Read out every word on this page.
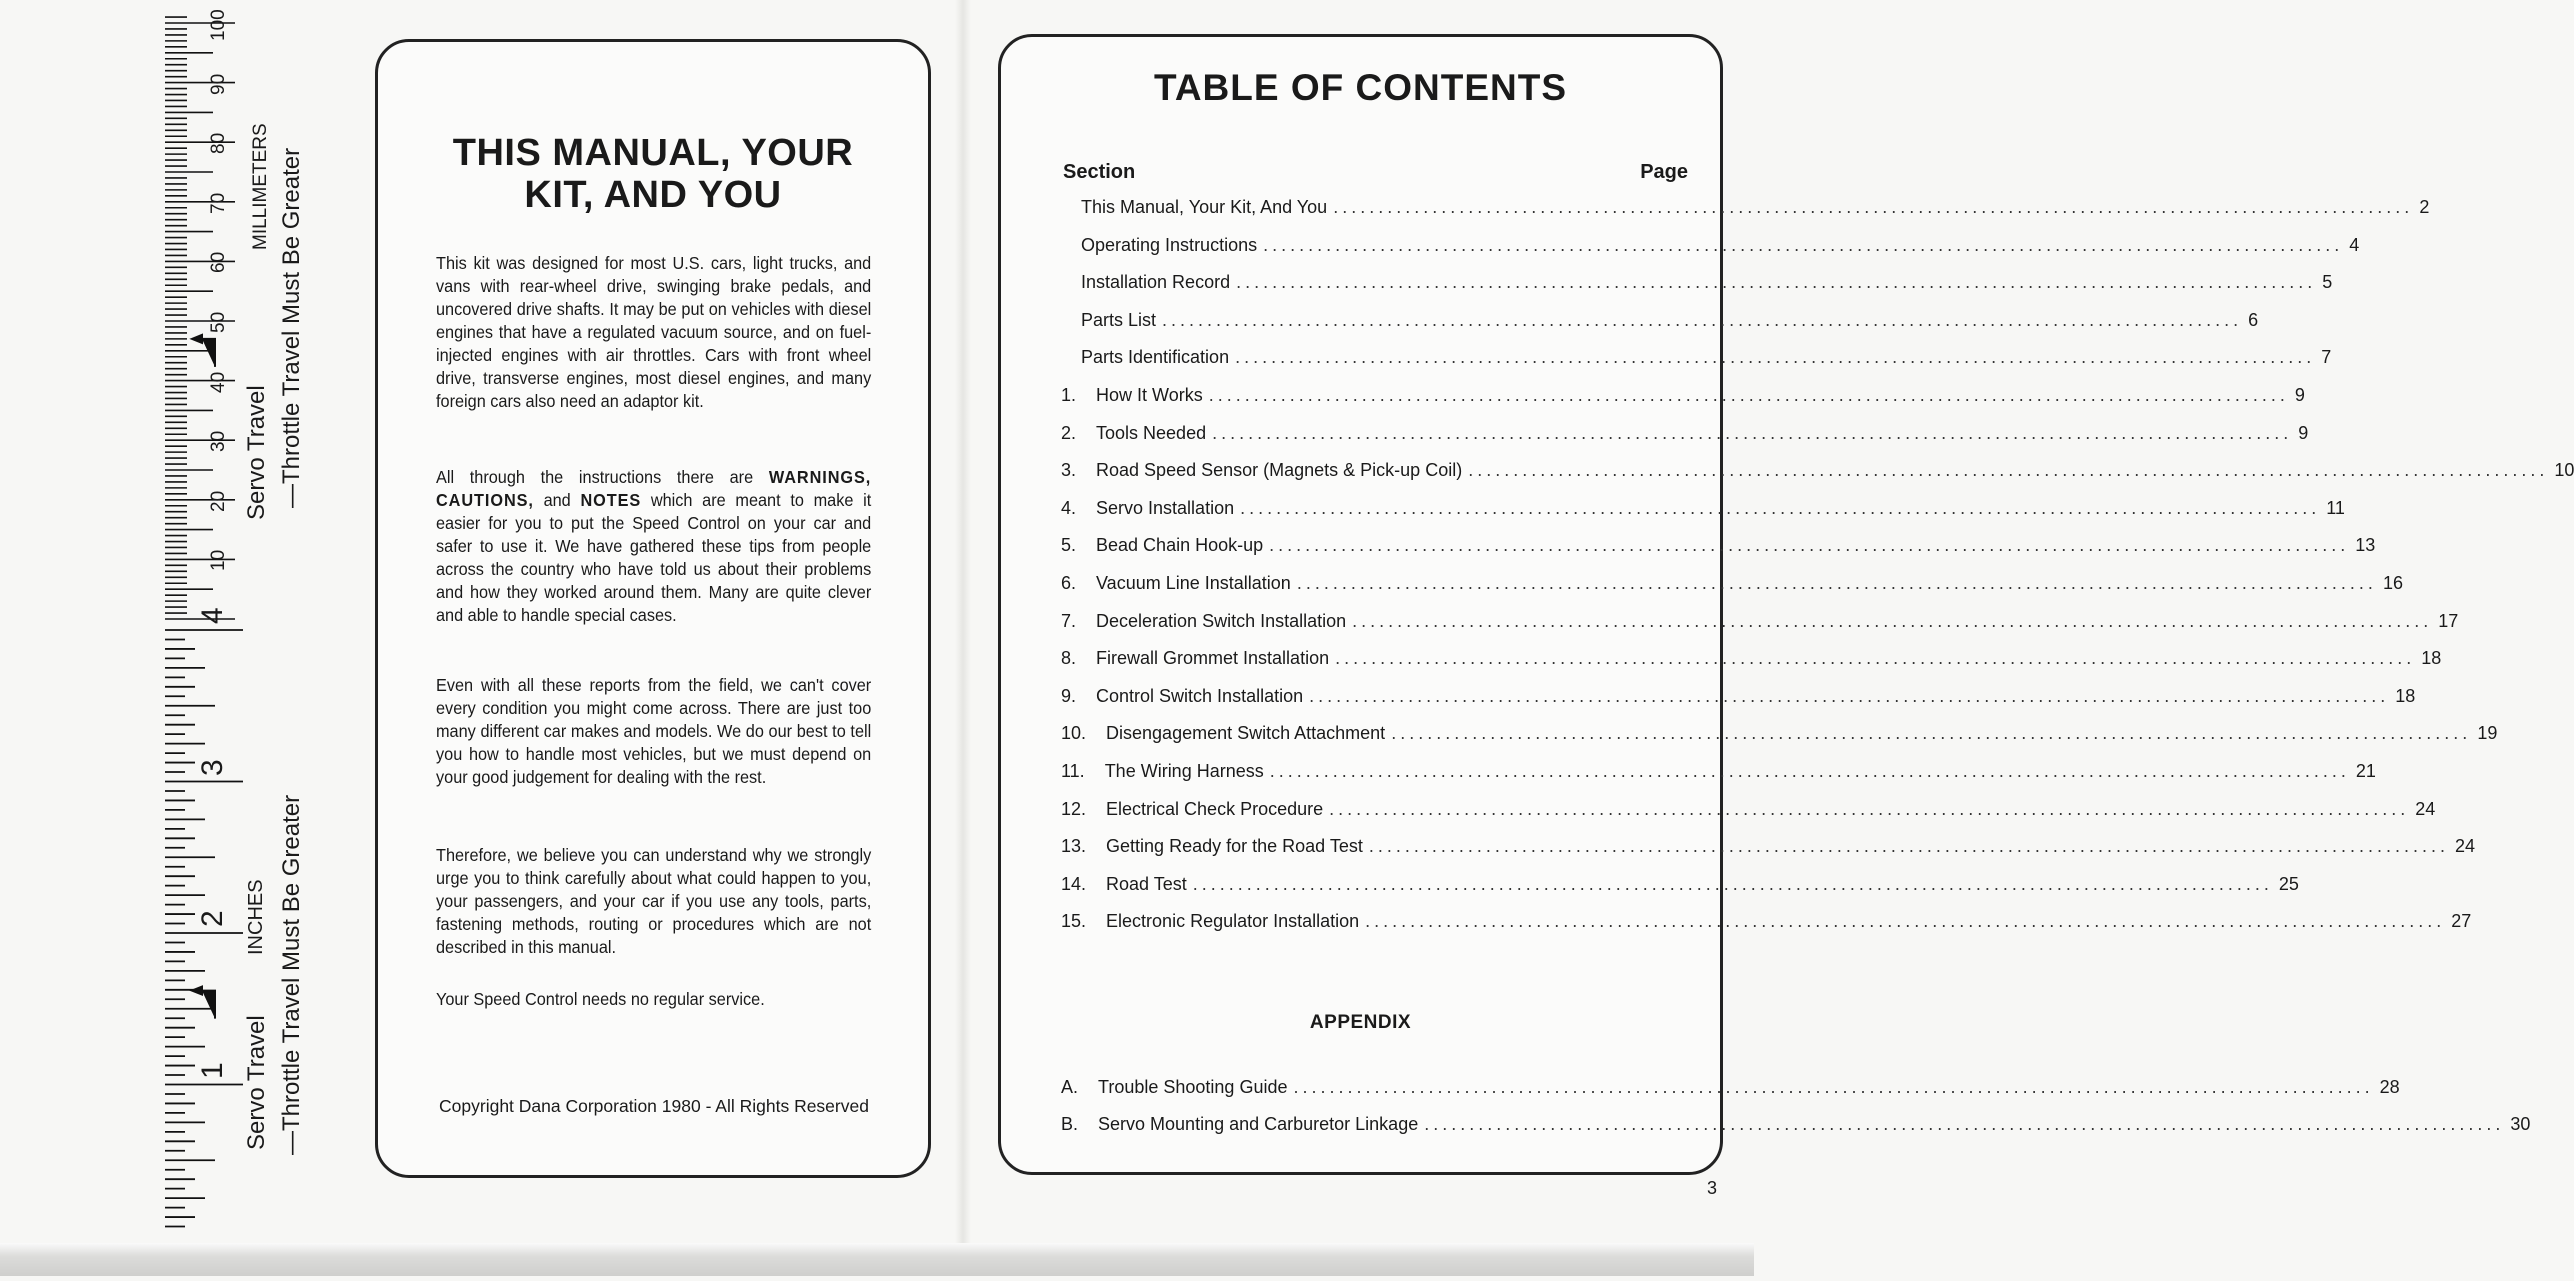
10
20
30
40
50
60
70
80
90
100
1
2
3
4
MILLIMETERS
INCHES
Servo Travel —Throttle Travel Must Be Greater
Servo Travel —Throttle Travel Must Be Greater
THIS MANUAL, YOUR
KIT, AND YOU
This kit was designed for most U.S. cars, light trucks, and vans with rear-wheel drive, swinging brake pedals, and uncovered drive shafts. It may be put on vehicles with diesel engines that have a regulated vacuum source, and on fuel-injected engines with air throttles. Cars with front wheel drive, transverse engines, most diesel engines, and many foreign cars also need an adaptor kit.
All through the instructions there are WARNINGS, CAUTIONS, and NOTES which are meant to make it easier for you to put the Speed Control on your car and safer to use it. We have gathered these tips from people across the country who have told us about their problems and how they worked around them. Many are quite clever and able to handle special cases.
Even with all these reports from the field, we can't cover every condition you might come across. There are just too many different car makes and models. We do our best to tell you how to handle most vehicles, but we must depend on your good judgement for dealing with the rest.
Therefore, we believe you can understand why we strongly urge you to think carefully about what could happen to you, your passengers, and your car if you use any tools, parts, fastening methods, routing or procedures which are not described in this manual.
Your Speed Control needs no regular service.
Copyright Dana Corporation 1980 - All Rights Reserved
TABLE OF CONTENTS
Section	Page
This Manual, Your Kit, And You ........................................................................................................................ 2
Operating Instructions ........................................................................................................................ 4
Installation Record ........................................................................................................................ 5
Parts List ........................................................................................................................ 6
Parts Identification ........................................................................................................................ 7
1.	How It Works ........................................................................................................................ 9
2.	Tools Needed ........................................................................................................................ 9
3.	Road Speed Sensor (Magnets & Pick-up Coil) ........................................................................................................................ 10
4.	Servo Installation ........................................................................................................................ 11
5.	Bead Chain Hook-up ........................................................................................................................ 13
6.	Vacuum Line Installation ........................................................................................................................ 16
7.	Deceleration Switch Installation ........................................................................................................................ 17
8.	Firewall Grommet Installation ........................................................................................................................ 18
9.	Control Switch Installation ........................................................................................................................ 18
10.	Disengagement Switch Attachment ........................................................................................................................ 19
11.	The Wiring Harness ........................................................................................................................ 21
12.	Electrical Check Procedure ........................................................................................................................ 24
13.	Getting Ready for the Road Test ........................................................................................................................ 24
14.	Road Test ........................................................................................................................ 25
15.	Electronic Regulator Installation ........................................................................................................................ 27
APPENDIX
A.	Trouble Shooting Guide ........................................................................................................................ 28
B.	Servo Mounting and Carburetor Linkage ........................................................................................................................ 30
3
